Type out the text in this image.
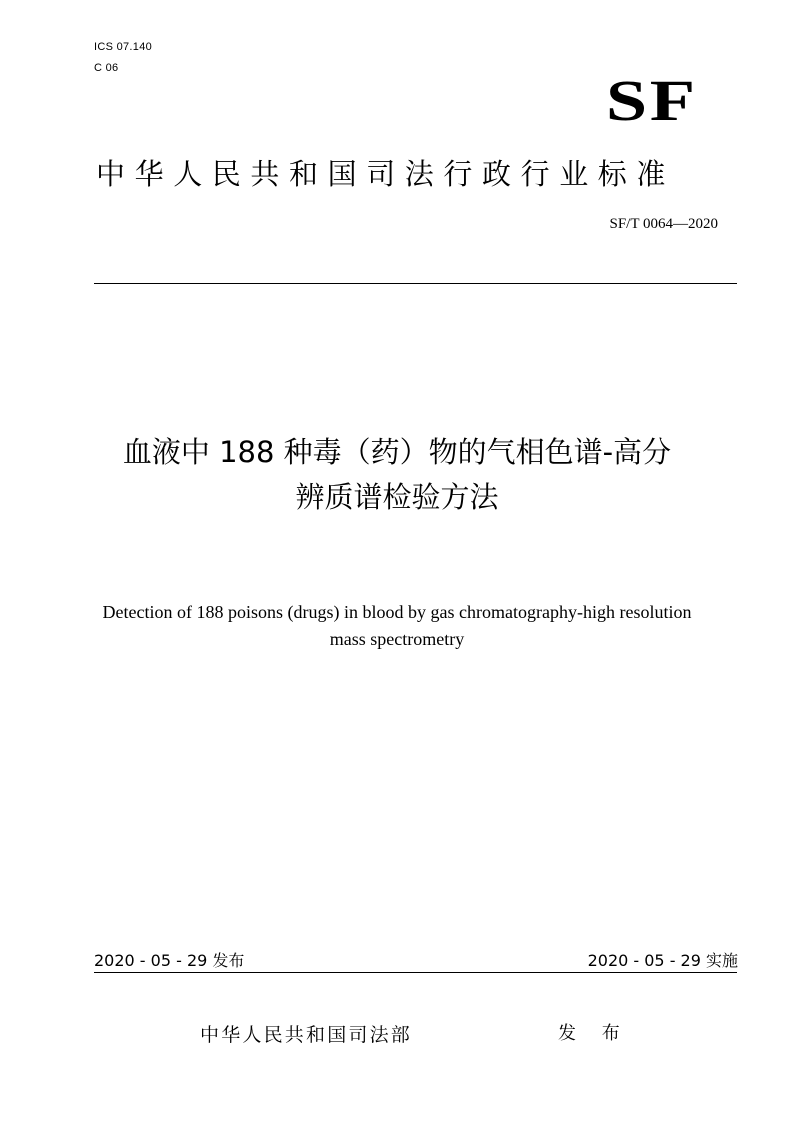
ICS 07.140
C 06	SF
中华人民共和国司法行政行业标准
SF/T 0064—2020
血液中 188 种毒（药）物的气相色谱-高分
辨质谱检验方法
Detection of 188 poisons (drugs) in blood by gas chromatography-high resolution
mass spectrometry
2020 - 05 - 29 发布	2020 - 05 - 29 实施
中华人民共和国司法部	发 布
